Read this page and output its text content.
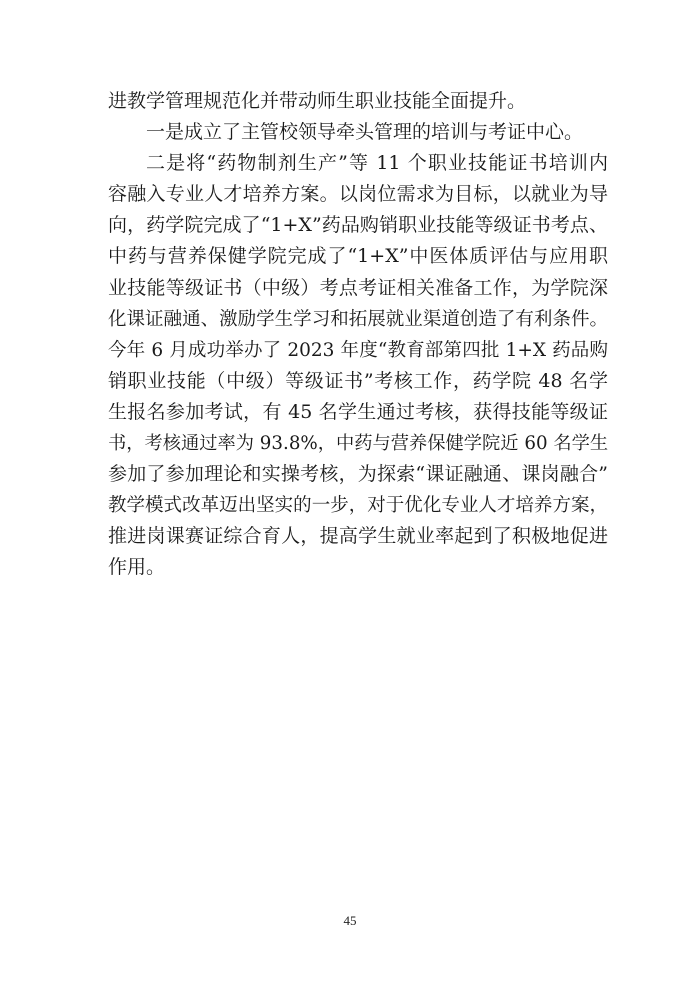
进教学管理规范化并带动师生职业技能全面提升。
一是成立了主管校领导牵头管理的培训与考证中心。
二是将“药物制剂生产”等 11 个职业技能证书培训内
容融入专业人才培养方案。以岗位需求为目标，以就业为导
向，药学院完成了“1+X”药品购销职业技能等级证书考点、
中药与营养保健学院完成了“1+X”中医体质评估与应用职
业技能等级证书（中级）考点考证相关准备工作，为学院深
化课证融通、激励学生学习和拓展就业渠道创造了有利条件。
今年 6 月成功举办了 2023 年度“教育部第四批 1+X 药品购
销职业技能（中级）等级证书”考核工作，药学院 48 名学
生报名参加考试，有 45 名学生通过考核，获得技能等级证
书，考核通过率为 93.8%，中药与营养保健学院近 60 名学生
参加了参加理论和实操考核，为探索“课证融通、课岗融合”
教学模式改革迈出坚实的一步，对于优化专业人才培养方案，
推进岗课赛证综合育人，提高学生就业率起到了积极地促进
作用。
45
